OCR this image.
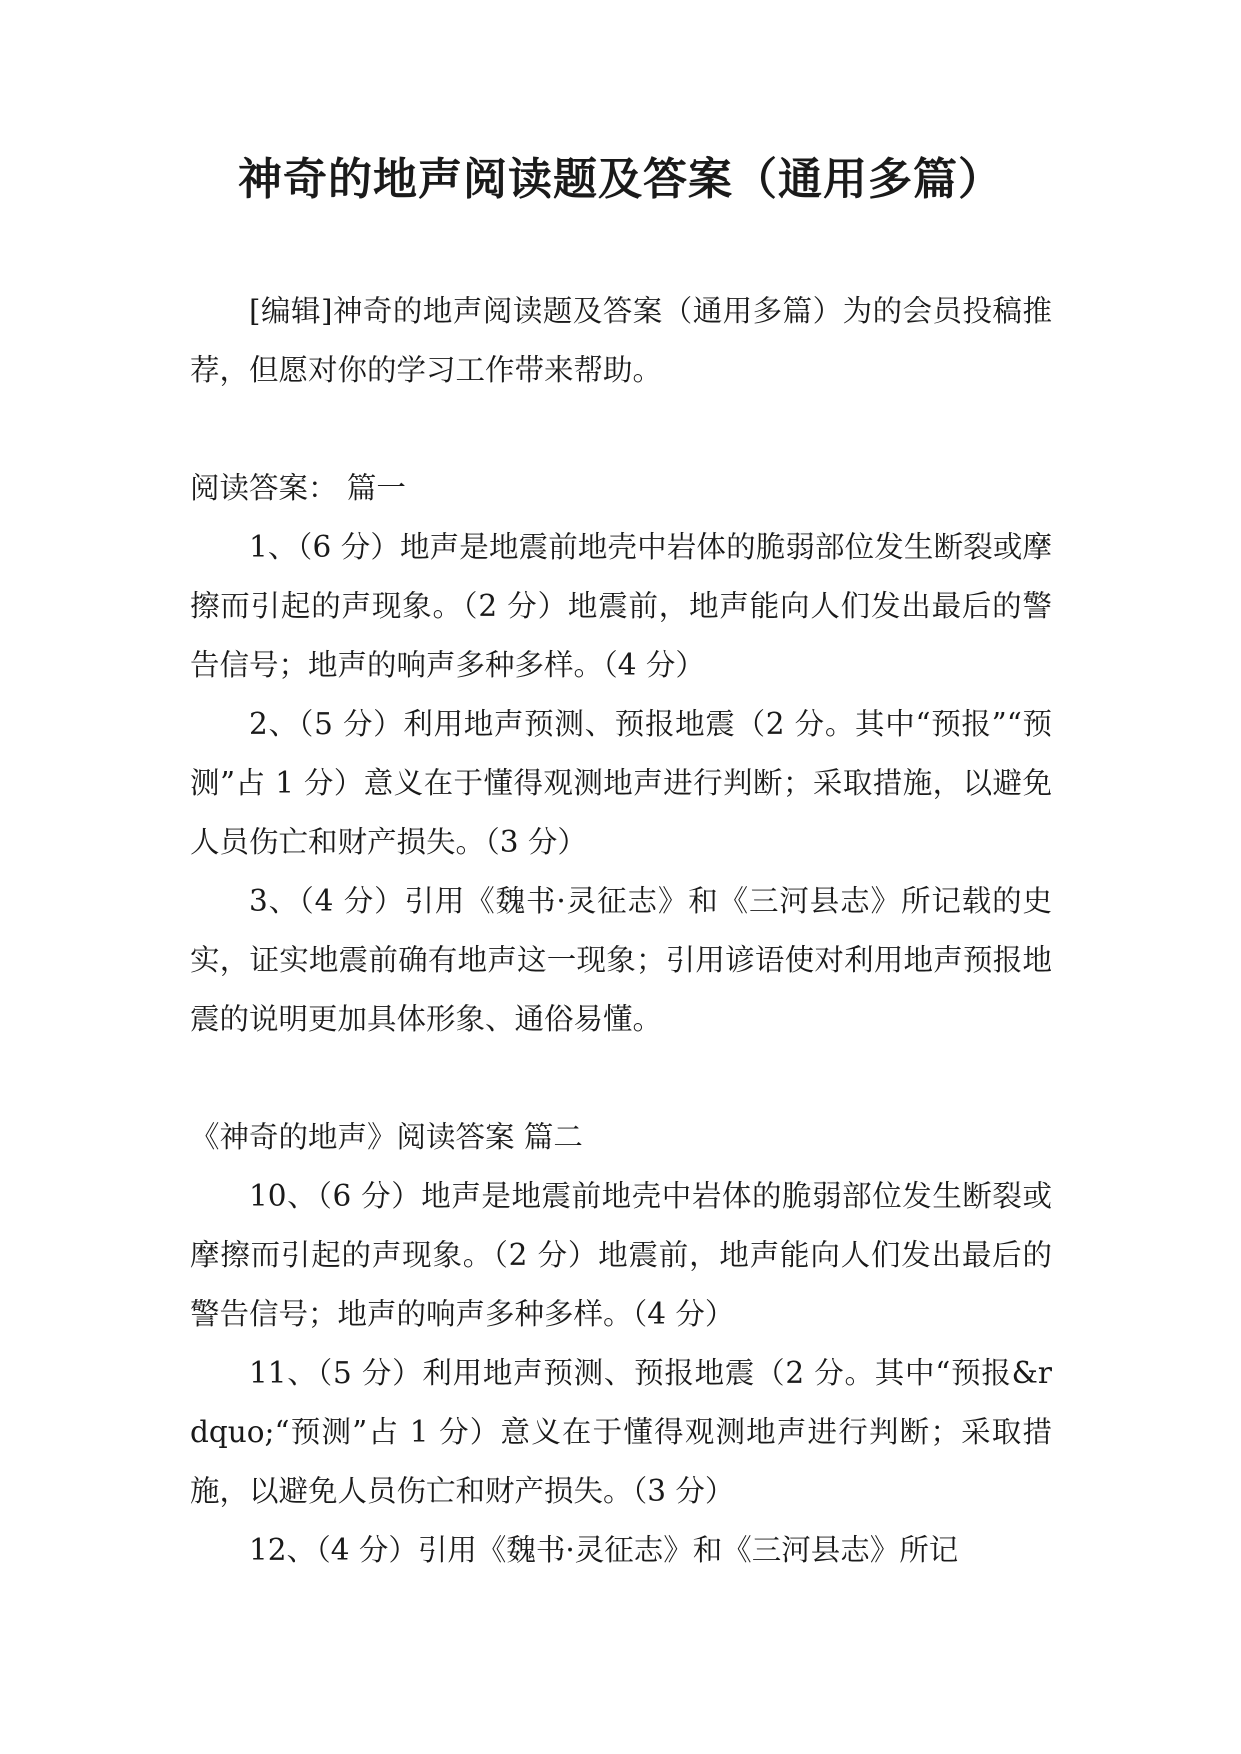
神奇的地声阅读题及答案（通用多篇）

[编辑]神奇的地声阅读题及答案（通用多篇）为的会员投稿推荐，但愿对你的学习工作带来帮助。

阅读答案： 篇一

1、（6 分）地声是地震前地壳中岩体的脆弱部位发生断裂或摩擦而引起的声现象。（2 分）地震前，地声能向人们发出最后的警告信号；地声的响声多种多样。（4 分）

2、（5 分）利用地声预测、预报地震（2 分。其中“预报”“预测”占 1 分）意义在于懂得观测地声进行判断；采取措施，以避免人员伤亡和财产损失。（3 分）

3、（4 分）引用《魏书·灵征志》和《三河县志》所记载的史实，证实地震前确有地声这一现象；引用谚语使对利用地声预报地震的说明更加具体形象、通俗易懂。

《神奇的地声》阅读答案 篇二

10、（6 分）地声是地震前地壳中岩体的脆弱部位发生断裂或摩擦而引起的声现象。（2 分）地震前，地声能向人们发出最后的警告信号；地声的响声多种多样。（4 分）

11、（5 分）利用地声预测、预报地震（2 分。其中“预报&r　dquo;“预测”占 1 分）意义在于懂得观测地声进行判断；采取措施，以避免人员伤亡和财产损失。（3 分）

12、（4 分）引用《魏书·灵征志》和《三河县志》所记
